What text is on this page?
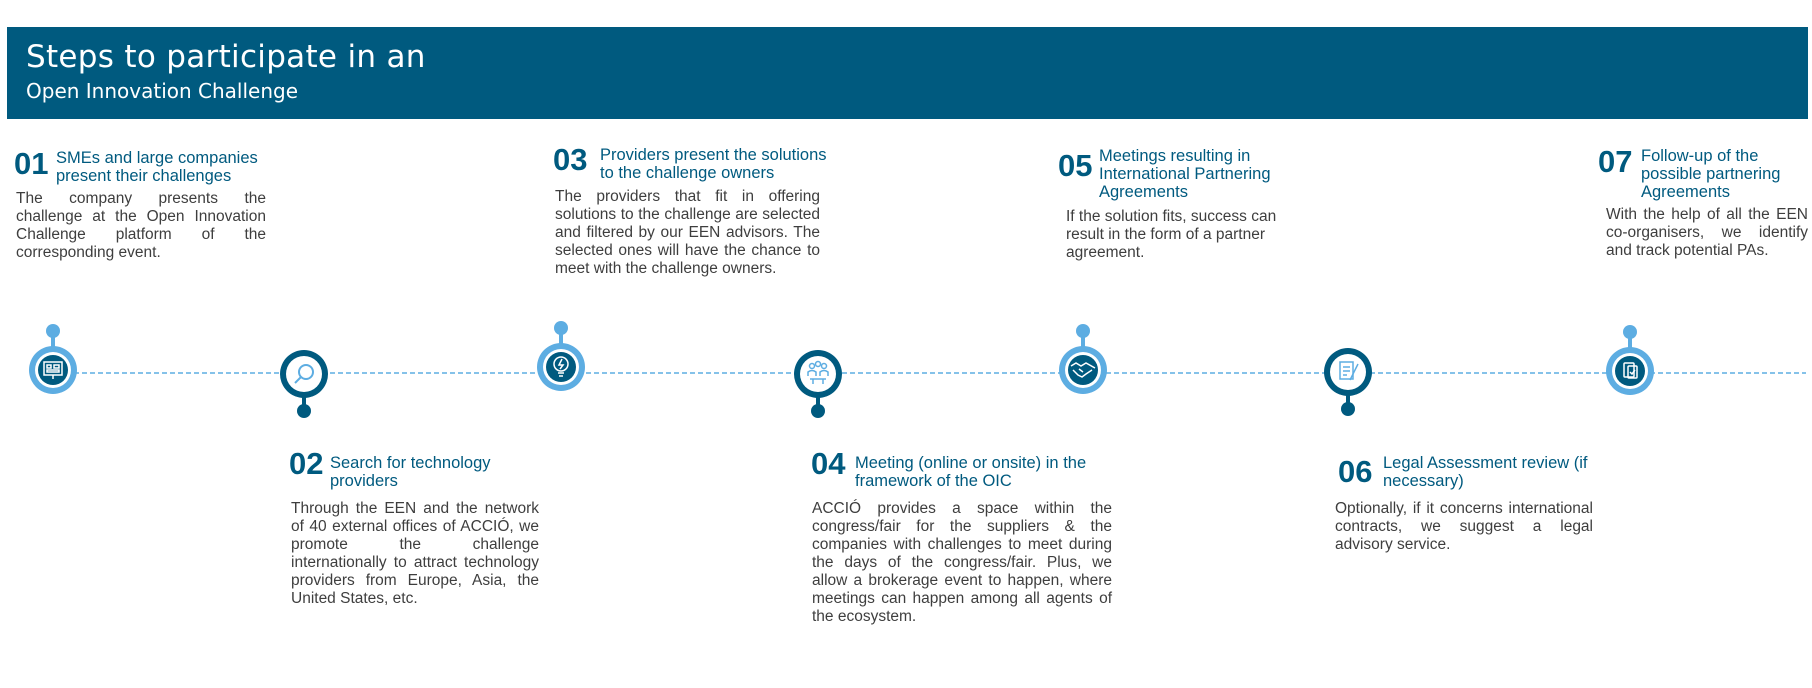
Steps to participate in an
Open Innovation Challenge
01 SMEs and large companies present their challenges
The company presents the challenge at the Open Innovation Challenge platform of the corresponding event.
02 Search for technology providers
Through the EEN and the network of 40 external offices of ACCIÓ, we promote the challenge internationally to attract technology providers from Europe, Asia, the United States, etc.
03 Providers present the solutions to the challenge owners
The providers that fit in offering solutions to the challenge are selected and filtered by our EEN advisors. The selected ones will have the chance to meet with the challenge owners.
04 Meeting (online or onsite) in the framework of the OIC
ACCIÓ provides a space within the congress/fair for the suppliers & the companies with challenges to meet during the days of the congress/fair. Plus, we allow a brokerage event to happen, where meetings can happen among all agents of the ecosystem.
05 Meetings resulting in International Partnering Agreements
If the solution fits, success can result in the form of a partner agreement.
06 Legal Assessment review (if necessary)
Optionally, if it concerns international contracts, we suggest a legal advisory service.
07 Follow-up of the possible partnering Agreements
With the help of all the EEN co-organisers, we identify and track potential PAs.
